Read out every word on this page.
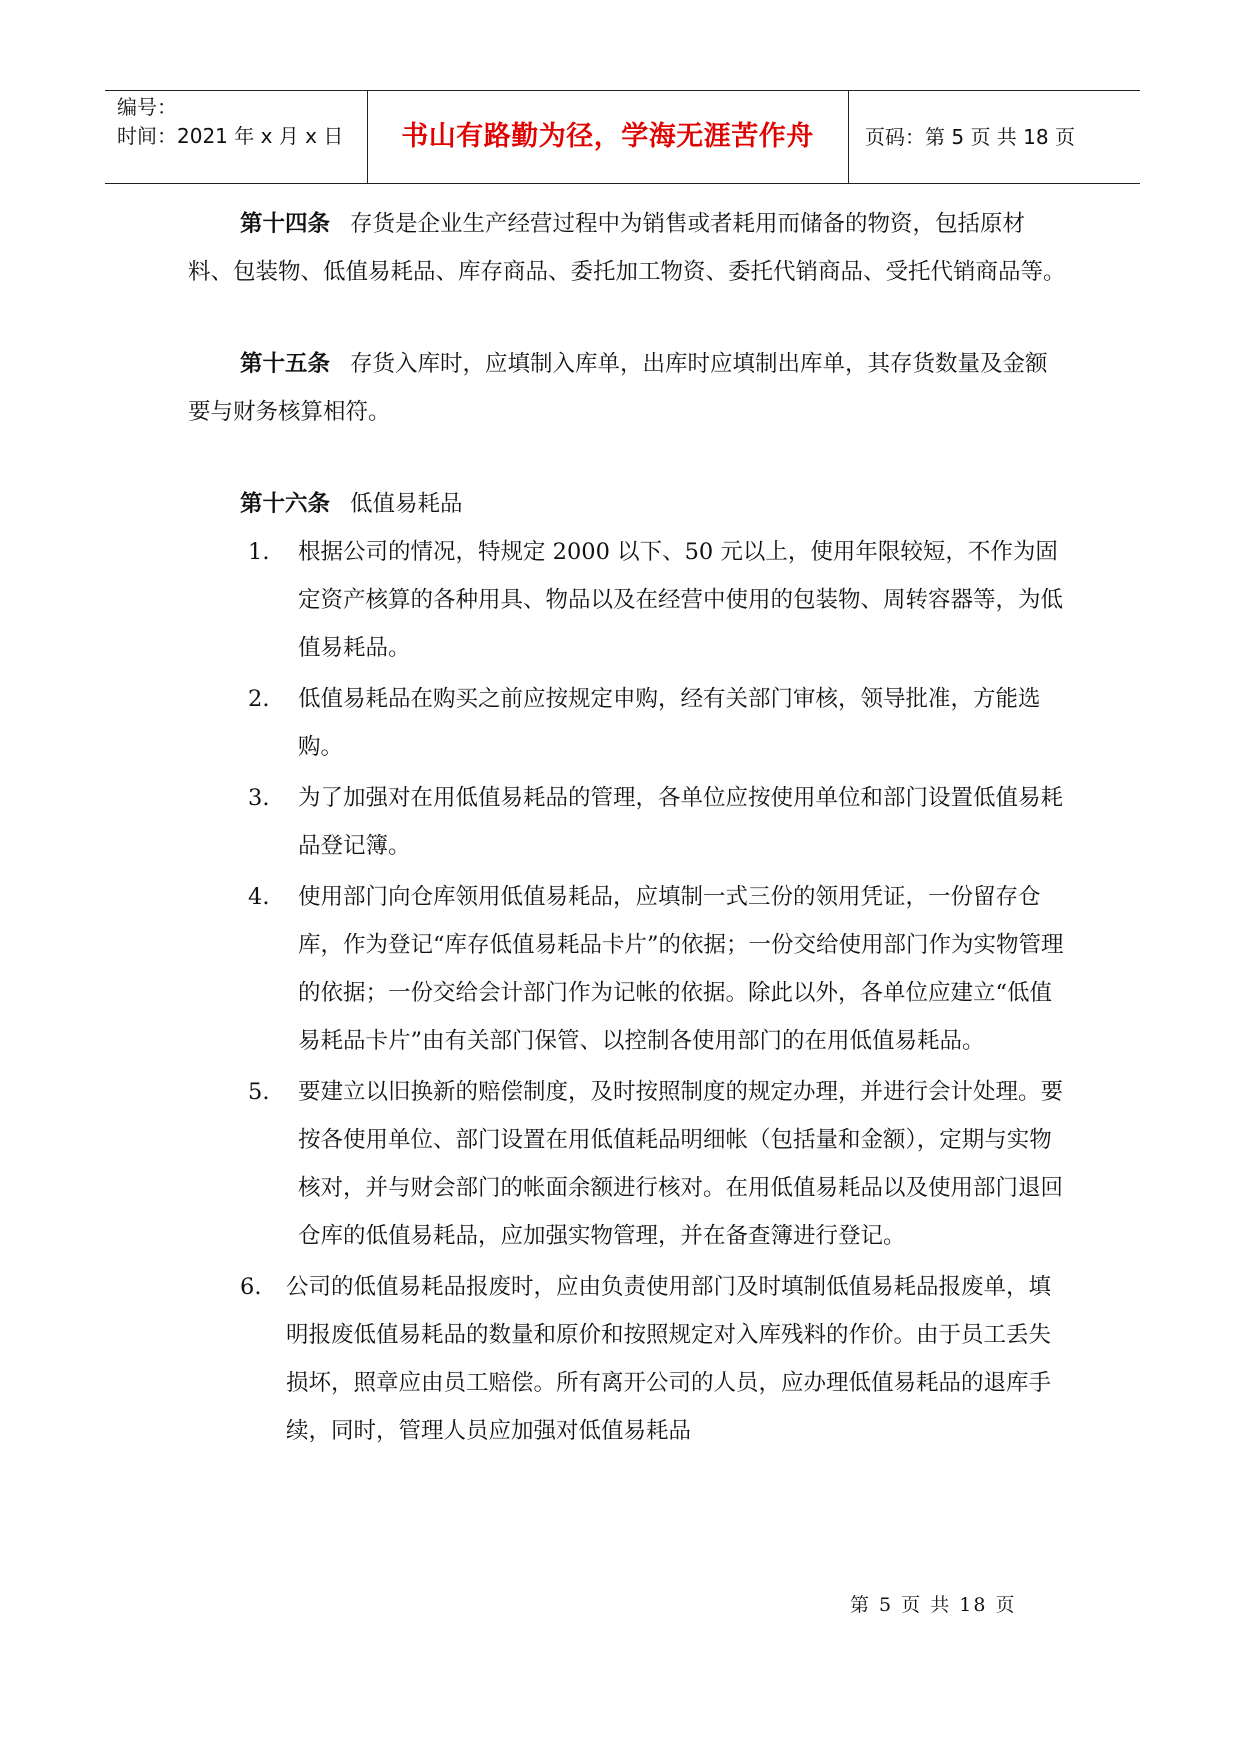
编号：
时间：2021 年 x 月 x 日	书山有路勤为径，学海无涯苦作舟	页码：第 5 页 共 18 页

第十四条 存货是企业生产经营过程中为销售或者耗用而储备的物资，包括原材料、包装物、低值易耗品、库存商品、委托加工物资、委托代销商品、受托代销商品等。

第十五条 存货入库时，应填制入库单，出库时应填制出库单，其存货数量及金额要与财务核算相符。

第十六条 低值易耗品

1. 根据公司的情况，特规定 2000 以下、50 元以上，使用年限较短，不作为固定资产核算的各种用具、物品以及在经营中使用的包装物、周转容器等，为低值易耗品。
2. 低值易耗品在购买之前应按规定申购，经有关部门审核，领导批准，方能选购。
3. 为了加强对在用低值易耗品的管理，各单位应按使用单位和部门设置低值易耗品登记簿。
4. 使用部门向仓库领用低值易耗品，应填制一式三份的领用凭证，一份留存仓库，作为登记“库存低值易耗品卡片”的依据；一份交给使用部门作为实物管理的依据；一份交给会计部门作为记帐的依据。除此以外，各单位应建立“低值易耗品卡片”由有关部门保管、以控制各使用部门的在用低值易耗品。
5. 要建立以旧换新的赔偿制度，及时按照制度的规定办理，并进行会计处理。要按各使用单位、部门设置在用低值耗品明细帐（包括量和金额），定期与实物核对，并与财会部门的帐面余额进行核对。在用低值易耗品以及使用部门退回仓库的低值易耗品，应加强实物管理，并在备查簿进行登记。
6. 公司的低值易耗品报废时，应由负责使用部门及时填制低值易耗品报废单，填明报废低值易耗品的数量和原价和按照规定对入库残料的作价。由于员工丢失损坏，照章应由员工赔偿。所有离开公司的人员，应办理低值易耗品的退库手续，同时，管理人员应加强对低值易耗品
第 5 页 共 18 页
